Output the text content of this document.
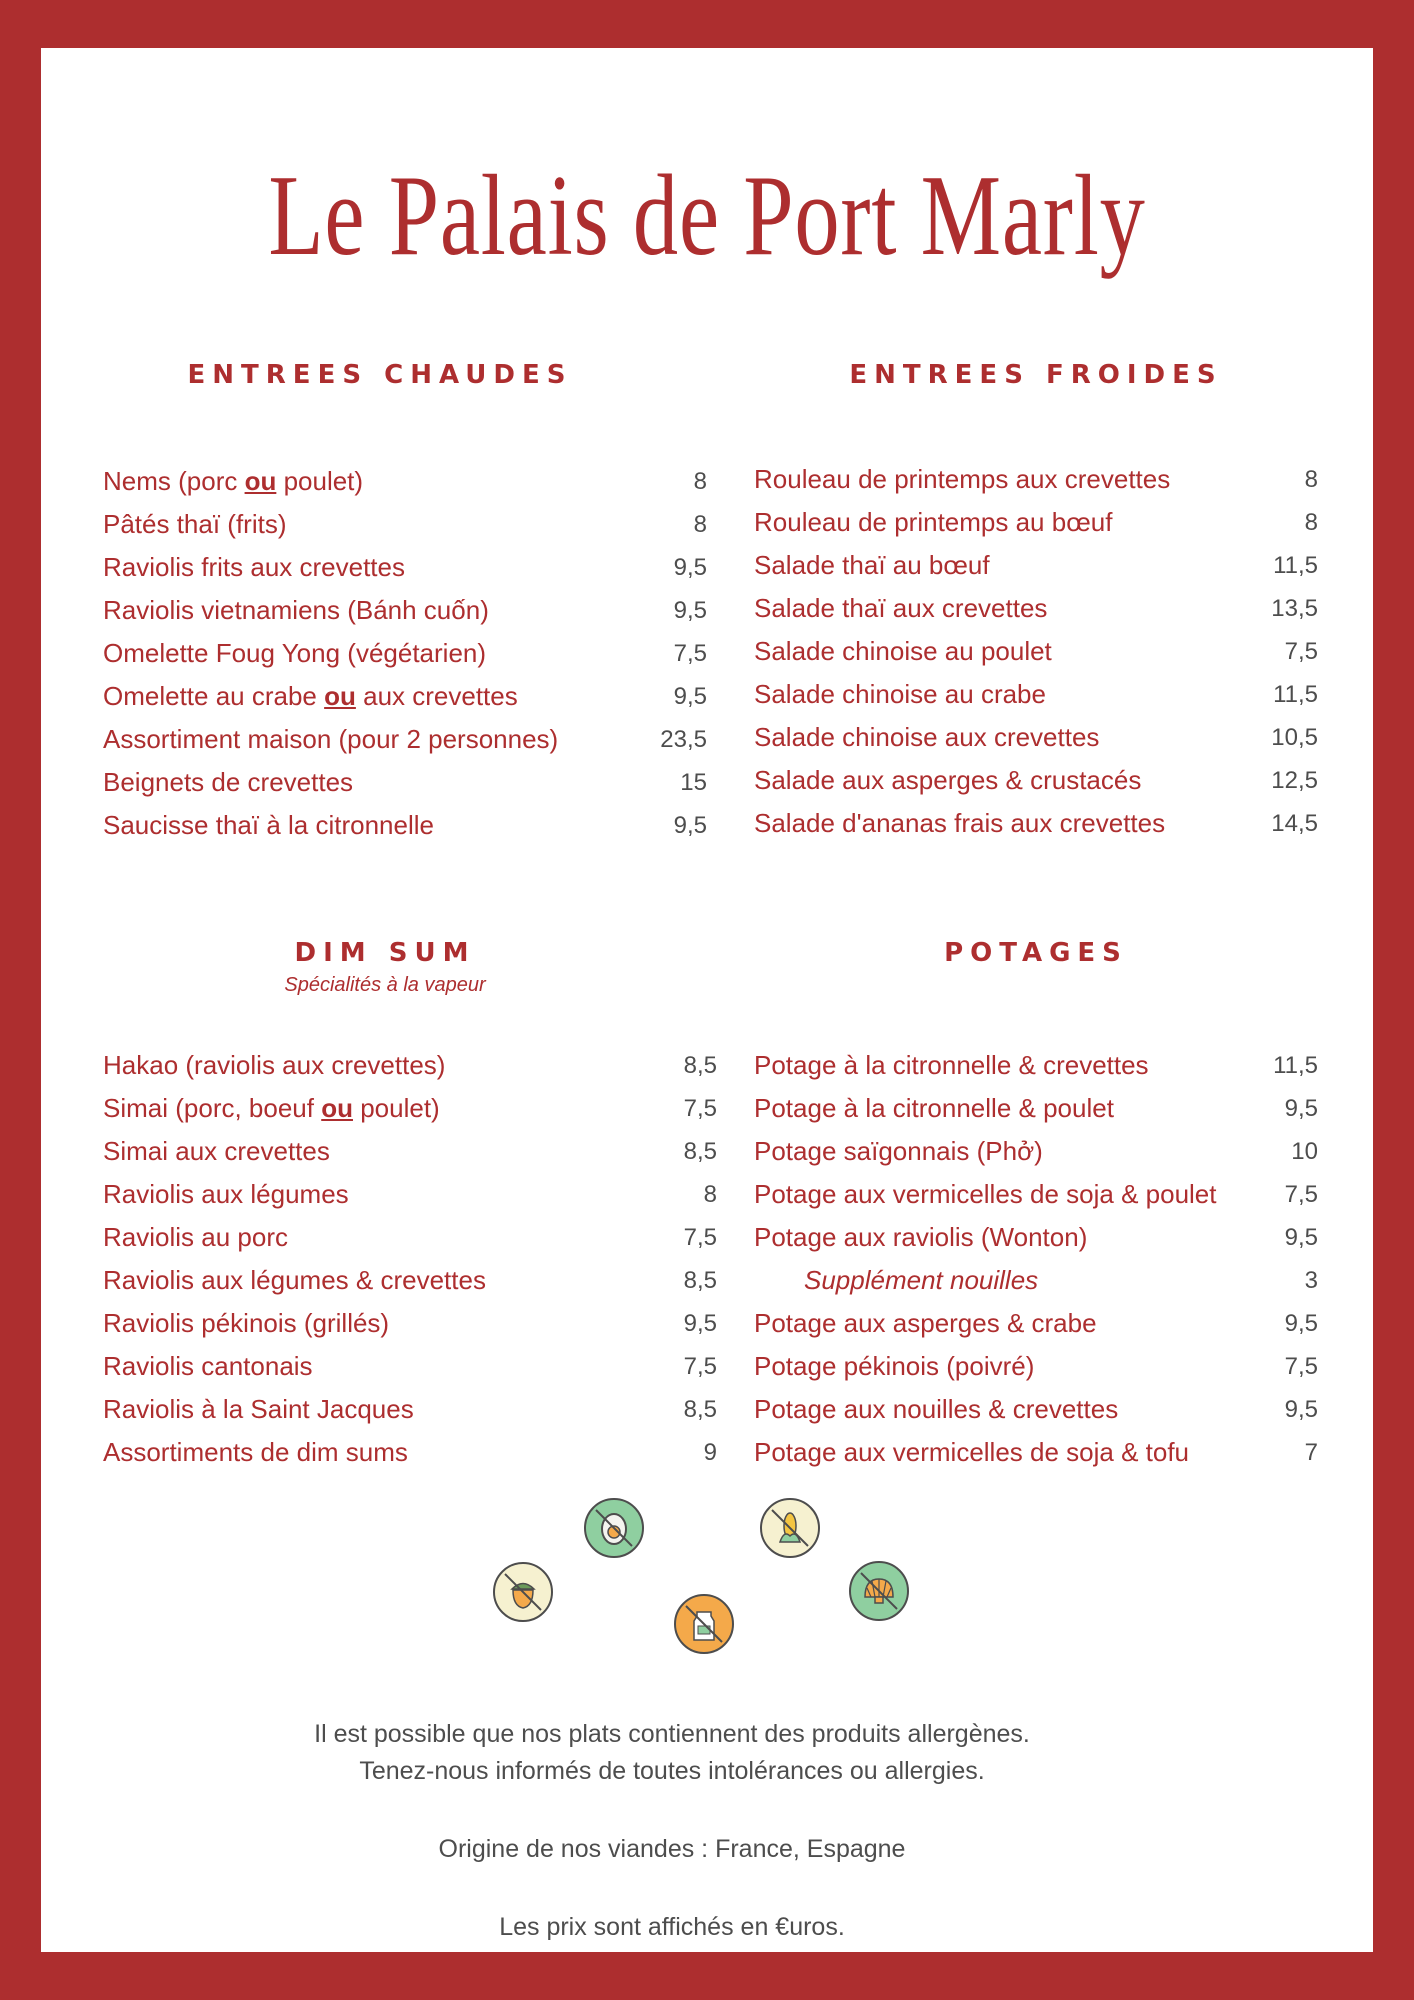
Le Palais de Port Marly
ENTREES CHAUDES
Nems (porc ou poulet)	8
Pâtés thaï (frits)	8
Raviolis frits aux crevettes	9,5
Raviolis vietnamiens (Bánh cuốn)	9,5
Omelette Foug Yong (végétarien)	7,5
Omelette au crabe ou aux crevettes	9,5
Assortiment maison (pour 2 personnes)	23,5
Beignets de crevettes	15
Saucisse thaï à la citronnelle	9,5
ENTREES FROIDES
Rouleau de printemps aux crevettes	8
Rouleau de printemps au bœuf	8
Salade thaï au bœuf	11,5
Salade thaï aux crevettes	13,5
Salade chinoise au poulet	7,5
Salade chinoise au crabe	11,5
Salade chinoise aux crevettes	10,5
Salade aux asperges & crustacés	12,5
Salade d'ananas frais aux crevettes	14,5
DIM SUM
Spécialités à la vapeur
Hakao (raviolis aux crevettes)	8,5
Simai (porc, boeuf ou poulet)	7,5
Simai aux crevettes	8,5
Raviolis aux légumes	8
Raviolis au porc	7,5
Raviolis aux légumes & crevettes	8,5
Raviolis pékinois (grillés)	9,5
Raviolis cantonais	7,5
Raviolis à la Saint Jacques	8,5
Assortiments de dim sums	9
POTAGES
Potage à la citronnelle & crevettes	11,5
Potage à la citronnelle & poulet	9,5
Potage saïgonnais (Phở)	10
Potage aux vermicelles de soja & poulet	7,5
Potage aux raviolis (Wonton)	9,5
Supplément nouilles	3
Potage aux asperges & crabe	9,5
Potage pékinois (poivré)	7,5
Potage aux nouilles & crevettes	9,5
Potage aux vermicelles de soja & tofu	7
Il est possible que nos plats contiennent des produits allergènes.
Tenez-nous informés de toutes intolérances ou allergies.
Origine de nos viandes : France, Espagne
Les prix sont affichés en €uros.
